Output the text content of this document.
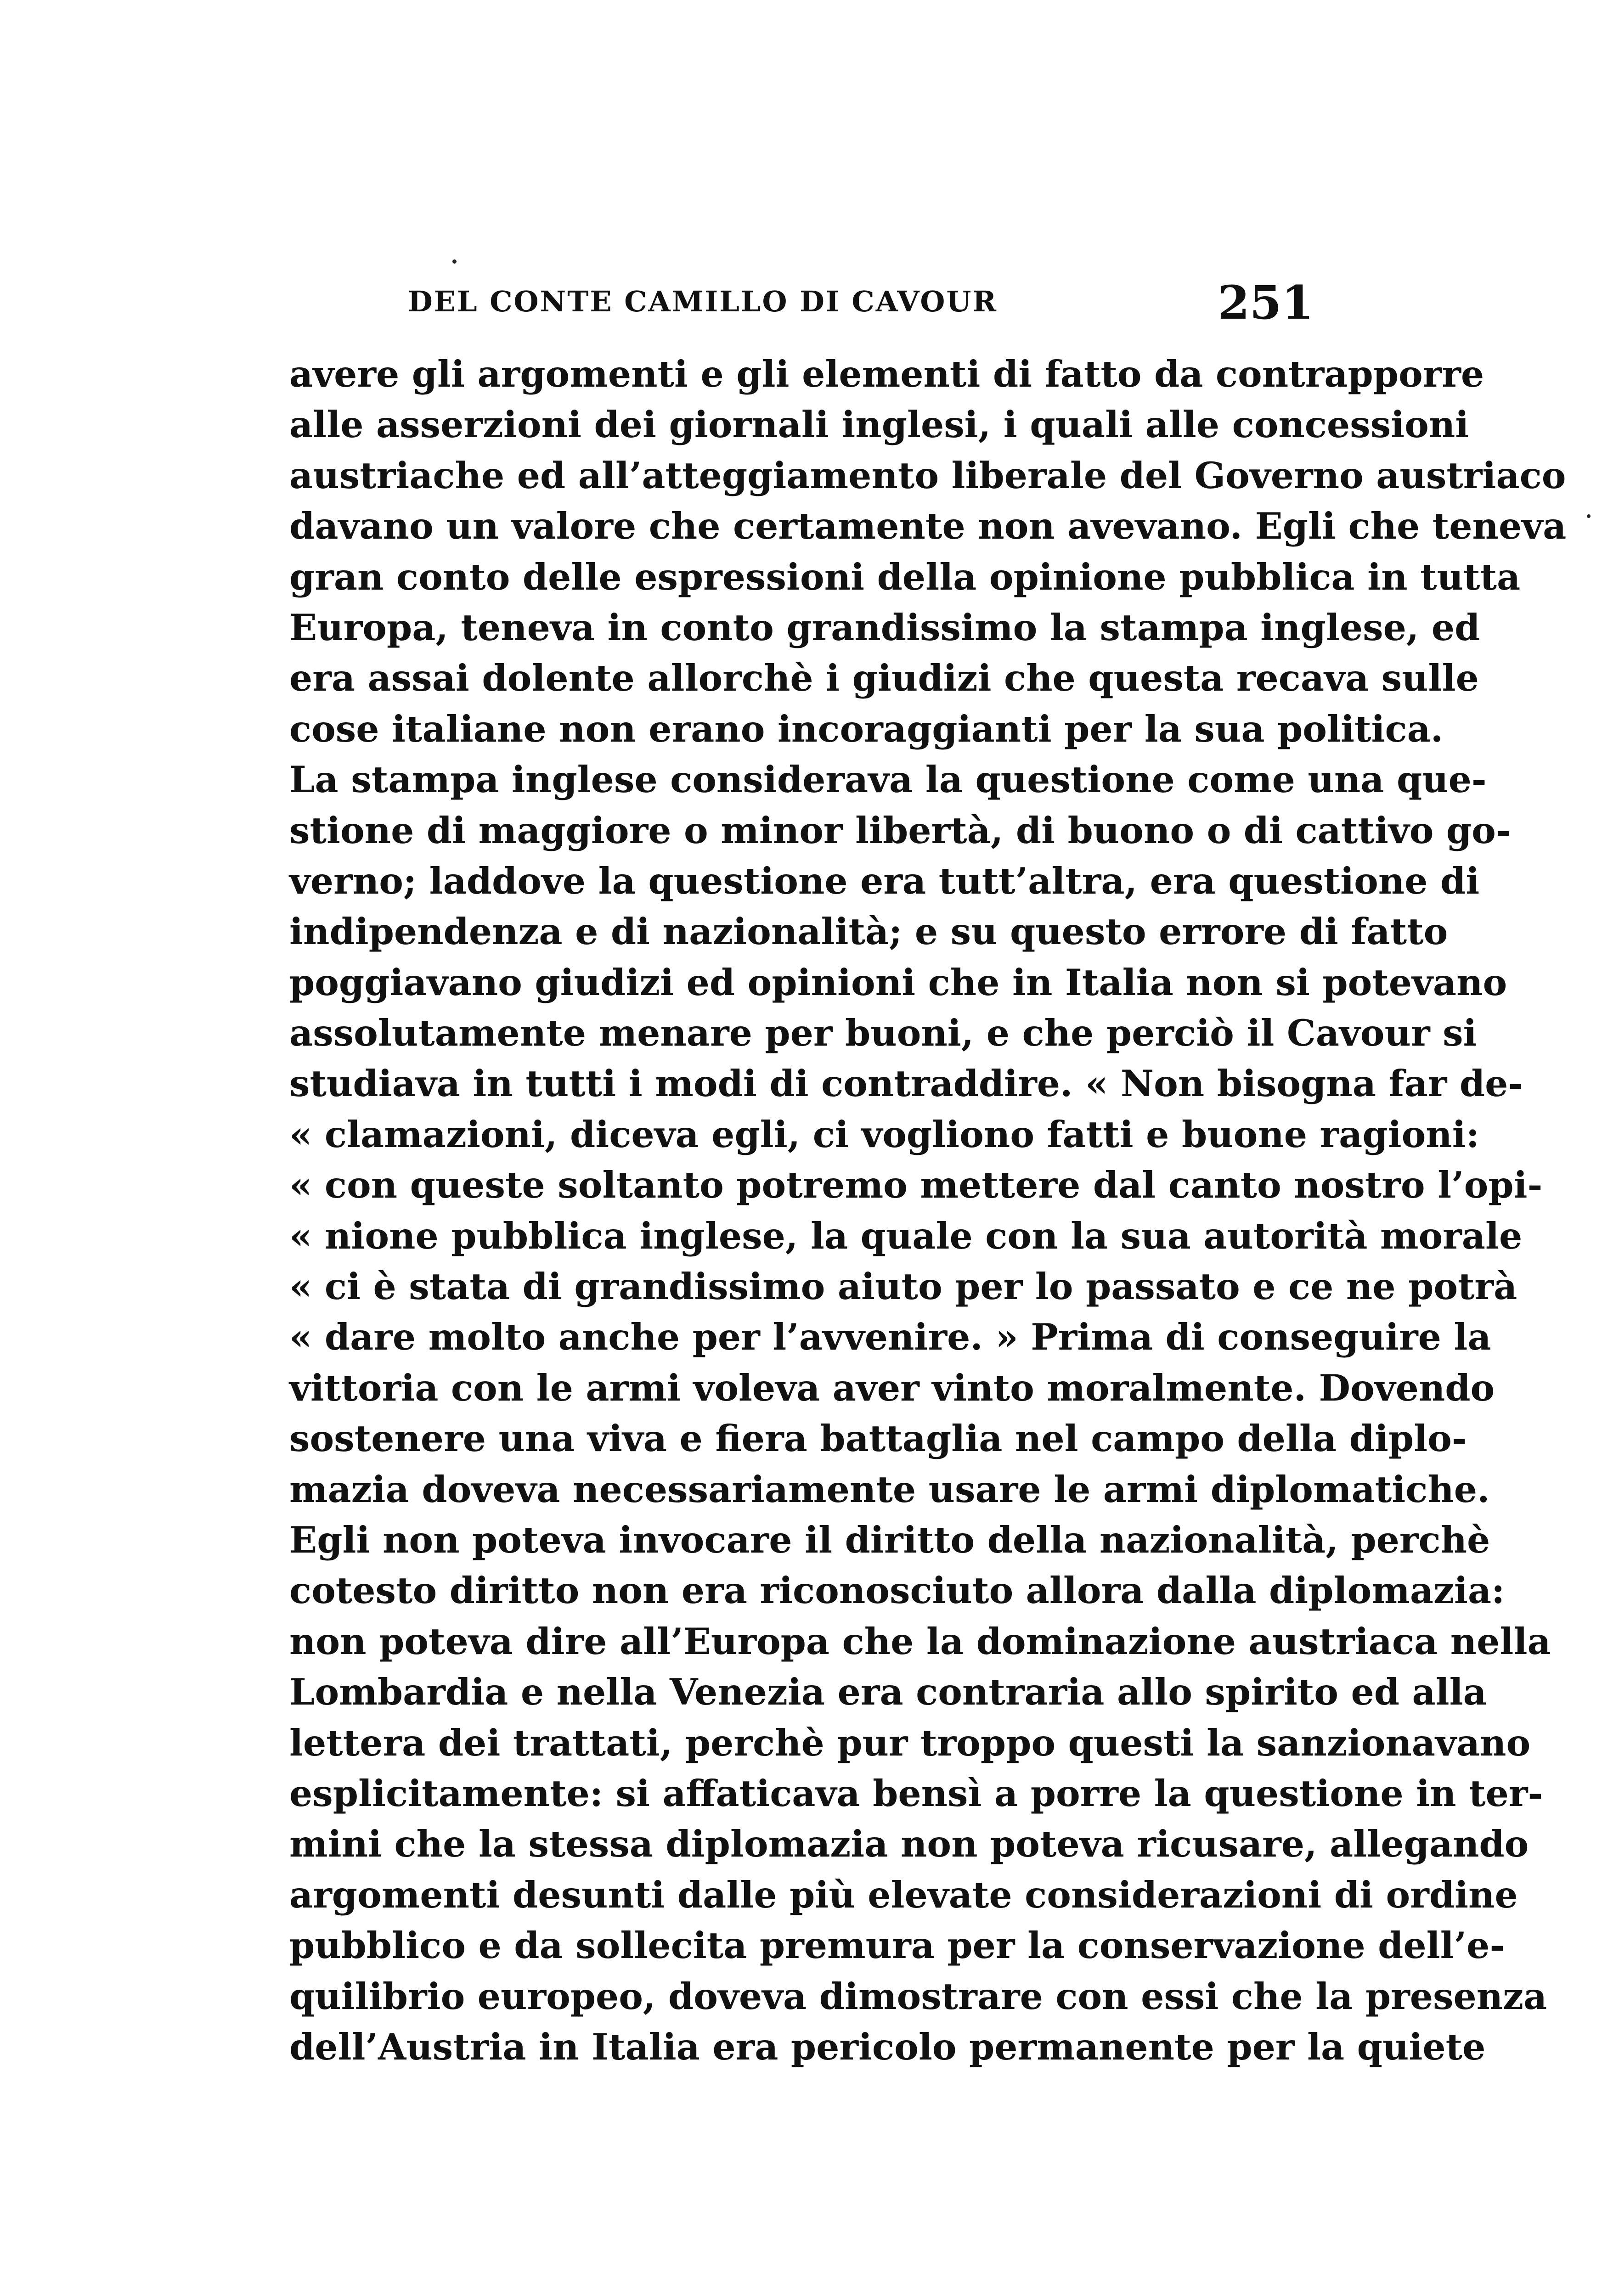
DEL CONTE CAMILLO DI CAVOUR	251
avere gli argomenti e gli elementi di fatto da contrapporre
alle asserzioni dei giornali inglesi, i quali alle concessioni
austriache ed all’atteggiamento liberale del Governo austriaco
davano un valore che certamente non avevano. Egli che teneva
gran conto delle espressioni della opinione pubblica in tutta
Europa, teneva in conto grandissimo la stampa inglese, ed
era assai dolente allorchè i giudizi che questa recava sulle
cose italiane non erano incoraggianti per la sua politica.
La stampa inglese considerava la questione come una que-
stione di maggiore o minor libertà, di buono o di cattivo go-
verno; laddove la questione era tutt’altra, era questione di
indipendenza e di nazionalità; e su questo errore di fatto
poggiavano giudizi ed opinioni che in Italia non si potevano
assolutamente menare per buoni, e che perciò il Cavour si
studiava in tutti i modi di contraddire. « Non bisogna far de-
« clamazioni, diceva egli, ci vogliono fatti e buone ragioni:
« con queste soltanto potremo mettere dal canto nostro l’opi-
« nione pubblica inglese, la quale con la sua autorità morale
« ci è stata di grandissimo aiuto per lo passato e ce ne potrà
« dare molto anche per l’avvenire. » Prima di conseguire la
vittoria con le armi voleva aver vinto moralmente. Dovendo
sostenere una viva e fiera battaglia nel campo della diplo-
mazia doveva necessariamente usare le armi diplomatiche.
Egli non poteva invocare il diritto della nazionalità, perchè
cotesto diritto non era riconosciuto allora dalla diplomazia:
non poteva dire all’Europa che la dominazione austriaca nella
Lombardia e nella Venezia era contraria allo spirito ed alla
lettera dei trattati, perchè pur troppo questi la sanzionavano
esplicitamente: si affaticava bensì a porre la questione in ter-
mini che la stessa diplomazia non poteva ricusare, allegando
argomenti desunti dalle più elevate considerazioni di ordine
pubblico e da sollecita premura per la conservazione dell’e-
quilibrio europeo, doveva dimostrare con essi che la presenza
dell’Austria in Italia era pericolo permanente per la quiete
